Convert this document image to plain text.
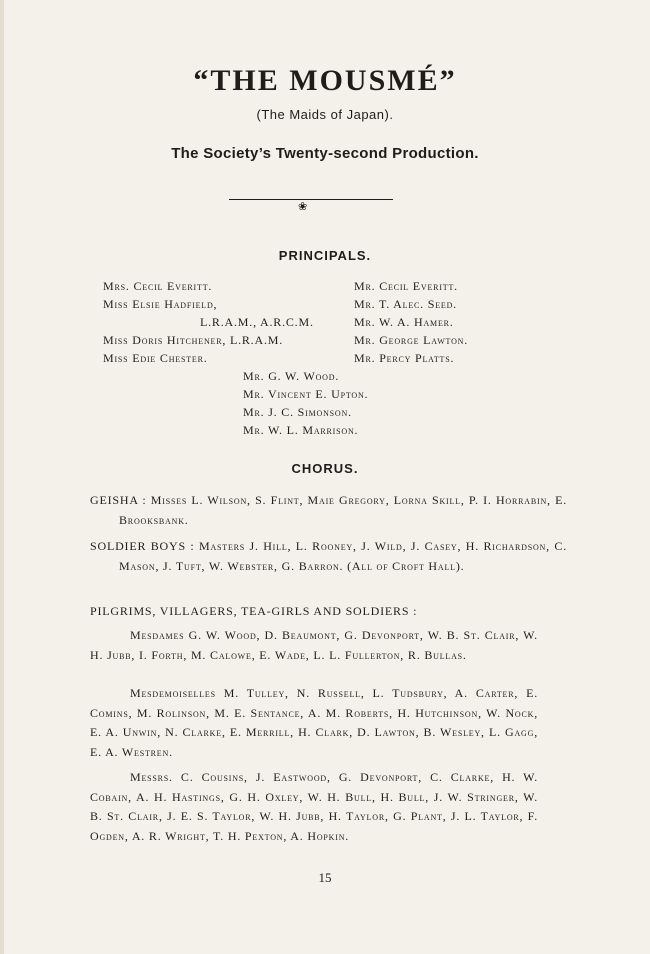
“THE MOUSMÉ”
(The Maids of Japan).
The Society’s Twenty-second Production.
❀
PRINCIPALS.
Mrs. Cecil Everitt.
Miss Elsie Hadfield,
L.R.A.M., A.R.C.M.
Miss Doris Hitchener, L.R.A.M.
Miss Edie Chester.
Mr. Cecil Everitt.
Mr. T. Alec. Seed.
Mr. W. A. Hamer.
Mr. George Lawton.
Mr. Percy Platts.
Mr. G. W. Wood.
Mr. Vincent E. Upton.
Mr. J. C. Simonson.
Mr. W. L. Marrison.
CHORUS.
GEISHA : Misses L. Wilson, S. Flint, Maie Gregory, Lorna Skill, P. I. Horrabin, E. Brooksbank.
SOLDIER BOYS : Masters J. Hill, L. Rooney, J. Wild, J. Casey, H. Richardson, C. Mason, J. Tuft, W. Webster, G. Barron. (All of Croft Hall).
PILGRIMS, VILLAGERS, TEA-GIRLS AND SOLDIERS :
Mesdames G. W. Wood, D. Beaumont, G. Devonport, W. B. St. Clair, W. H. Jubb, I. Forth, M. Calowe, E. Wade, L. L. Fullerton, R. Bullas.
Mesdemoiselles M. Tulley, N. Russell, L. Tudsbury, A. Carter, E. Comins, M. Rolinson, M. E. Sentance, A. M. Roberts, H. Hutchinson, W. Nock, E. A. Unwin, N. Clarke, E. Merrill, H. Clark, D. Lawton, B. Wesley, L. Gagg, E. A. Westren.
Messrs. C. Cousins, J. Eastwood, G. Devonport, C. Clarke, H. W. Cobain, A. H. Hastings, G. H. Oxley, W. H. Bull, H. Bull, J. W. Stringer, W. B. St. Clair, J. E. S. Taylor, W. H. Jubb, H. Taylor, G. Plant, J. L. Taylor, F. Ogden, A. R. Wright, T. H. Pexton, A. Hopkin.
15
